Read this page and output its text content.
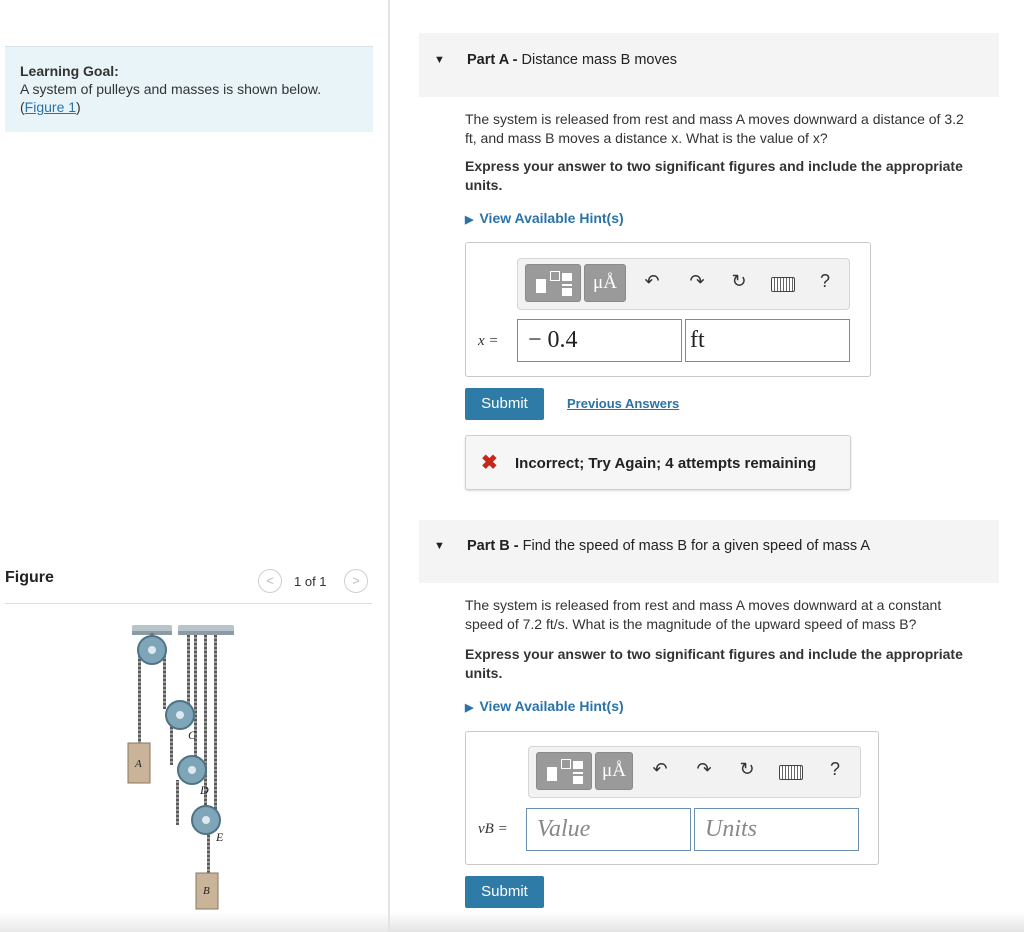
Learning Goal:
A system of pulleys and masses is shown below.
(Figure 1)
Figure	<	1 of 1	>
A
B
C
D
E
▼ Part A - Distance mass B moves
The system is released from rest and mass A moves downward a distance of 3.2
ft, and mass B moves a distance x. What is the value of x?
Express your answer to two significant figures and include the appropriate
units.
▶ View Available Hint(s)
μÅ	↶ ↷ ↻	?
x =	− 0.4	ft
Submit	Previous Answers
✖ Incorrect; Try Again; 4 attempts remaining
▼ Part B - Find the speed of mass B for a given speed of mass A
The system is released from rest and mass A moves downward at a constant
speed of 7.2 ft/s. What is the magnitude of the upward speed of mass B?
Express your answer to two significant figures and include the appropriate
units.
▶ View Available Hint(s)
μÅ	↶ ↷ ↻	?
vB =	Value	Units
Submit
